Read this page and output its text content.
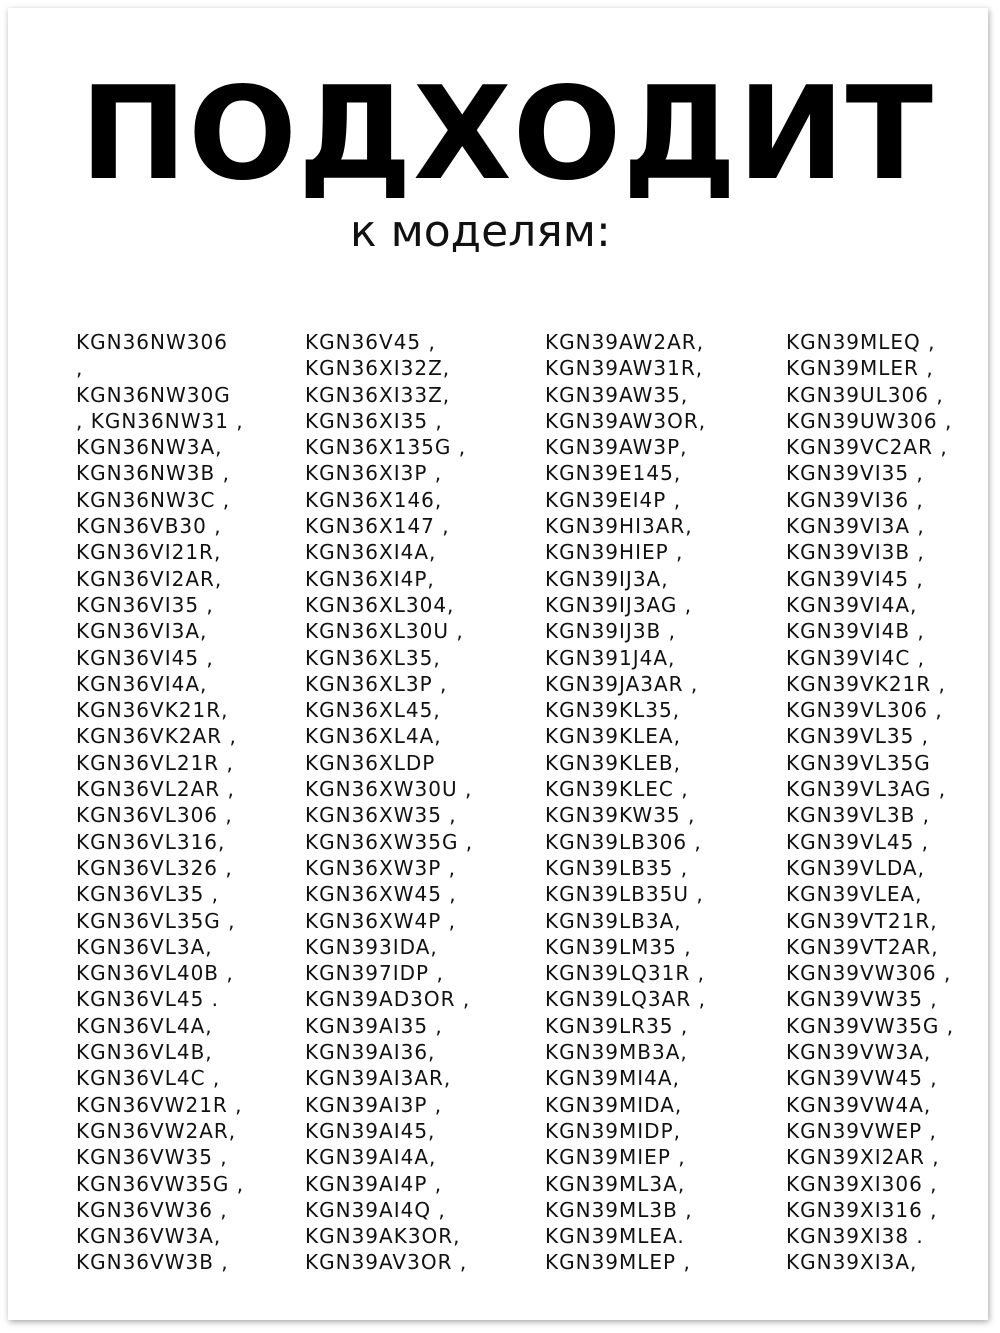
ПОДХОДИТ
к моделям:
KGN36NW306
,
KGN36NW30G
, KGN36NW31 ,
KGN36NW3A,
KGN36NW3B ,
KGN36NW3C ,
KGN36VB30 ,
KGN36VI21R,
KGN36VI2AR,
KGN36VI35 ,
KGN36VI3A,
KGN36VI45 ,
KGN36VI4A,
KGN36VK21R,
KGN36VK2AR ,
KGN36VL21R ,
KGN36VL2AR ,
KGN36VL306 ,
KGN36VL316,
KGN36VL326 ,
KGN36VL35 ,
KGN36VL35G ,
KGN36VL3A,
KGN36VL40B ,
KGN36VL45 .
KGN36VL4A,
KGN36VL4B,
KGN36VL4C ,
KGN36VW21R ,
KGN36VW2AR,
KGN36VW35 ,
KGN36VW35G ,
KGN36VW36 ,
KGN36VW3A,
KGN36VW3B ,
KGN36V45 ,
KGN36XI32Z,
KGN36XI33Z,
KGN36XI35 ,
KGN36X135G ,
KGN36XI3P ,
KGN36X146,
KGN36X147 ,
KGN36XI4A,
KGN36XI4P,
KGN36XL304,
KGN36XL30U ,
KGN36XL35,
KGN36XL3P ,
KGN36XL45,
KGN36XL4A,
KGN36XLDP
KGN36XW30U ,
KGN36XW35 ,
KGN36XW35G ,
KGN36XW3P ,
KGN36XW45 ,
KGN36XW4P ,
KGN393IDA,
KGN397IDP ,
KGN39AD3OR ,
KGN39AI35 ,
KGN39AI36,
KGN39AI3AR,
KGN39AI3P ,
KGN39AI45,
KGN39AI4A,
KGN39AI4P ,
KGN39AI4Q ,
KGN39AK3OR,
KGN39AV3OR ,
KGN39AW2AR,
KGN39AW31R,
KGN39AW35,
KGN39AW3OR,
KGN39AW3P,
KGN39E145,
KGN39EI4P ,
KGN39HI3AR,
KGN39HIEP ,
KGN39IJ3A,
KGN39IJ3AG ,
KGN39IJ3B ,
KGN391J4A,
KGN39JA3AR ,
KGN39KL35,
KGN39KLEA,
KGN39KLEB,
KGN39KLEC ,
KGN39KW35 ,
KGN39LB306 ,
KGN39LB35 ,
KGN39LB35U ,
KGN39LB3A,
KGN39LM35 ,
KGN39LQ31R ,
KGN39LQ3AR ,
KGN39LR35 ,
KGN39MB3A,
KGN39MI4A,
KGN39MIDA,
KGN39MIDP,
KGN39MIEP ,
KGN39ML3A,
KGN39ML3B ,
KGN39MLEA.
KGN39MLEP ,
KGN39MLEQ ,
KGN39MLER ,
KGN39UL306 ,
KGN39UW306 ,
KGN39VC2AR ,
KGN39VI35 ,
KGN39VI36 ,
KGN39VI3A ,
KGN39VI3B ,
KGN39VI45 ,
KGN39VI4A,
KGN39VI4B ,
KGN39VI4C ,
KGN39VK21R ,
KGN39VL306 ,
KGN39VL35 ,
KGN39VL35G
KGN39VL3AG ,
KGN39VL3B ,
KGN39VL45 ,
KGN39VLDA,
KGN39VLEA,
KGN39VT21R,
KGN39VT2AR,
KGN39VW306 ,
KGN39VW35 ,
KGN39VW35G ,
KGN39VW3A,
KGN39VW45 ,
KGN39VW4A,
KGN39VWEP ,
KGN39XI2AR ,
KGN39XI306 ,
KGN39XI316 ,
KGN39XI38 .
KGN39XI3A,
